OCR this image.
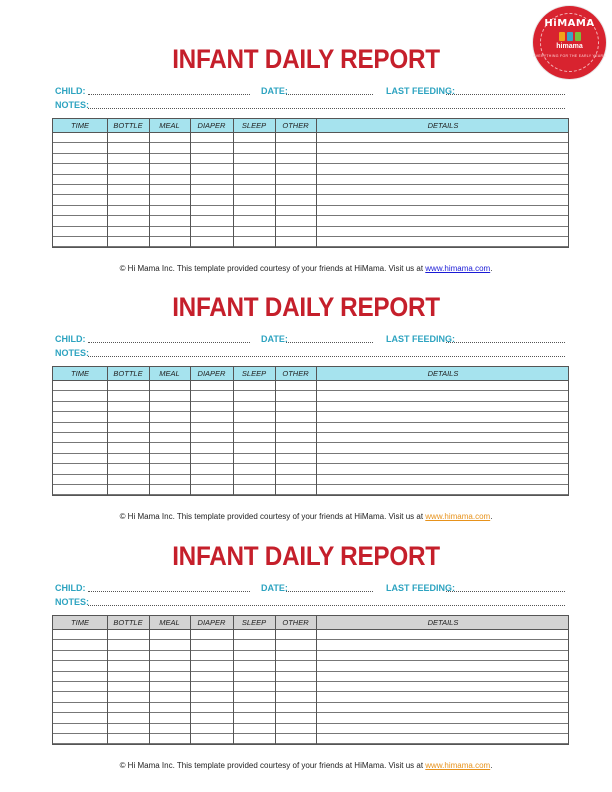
HiMAMA
himama
EVERYTHING FOR THE EARLY YEARS
INFANT DAILY REPORT
CHILD:	DATE:	LAST FEEDING:
NOTES:
TIME	BOTTLE	MEAL	DIAPER	SLEEP	OTHER	DETAILS
© Hi Mama Inc. This template provided courtesy of your friends at HiMama. Visit us at www.himama.com.
INFANT DAILY REPORT
CHILD:	DATE:	LAST FEEDING:
NOTES:
TIME	BOTTLE	MEAL	DIAPER	SLEEP	OTHER	DETAILS
© Hi Mama Inc. This template provided courtesy of your friends at HiMama. Visit us at www.himama.com.
INFANT DAILY REPORT
CHILD:	DATE:	LAST FEEDING:
NOTES:
TIME	BOTTLE	MEAL	DIAPER	SLEEP	OTHER	DETAILS
© Hi Mama Inc. This template provided courtesy of your friends at HiMama. Visit us at www.himama.com.
